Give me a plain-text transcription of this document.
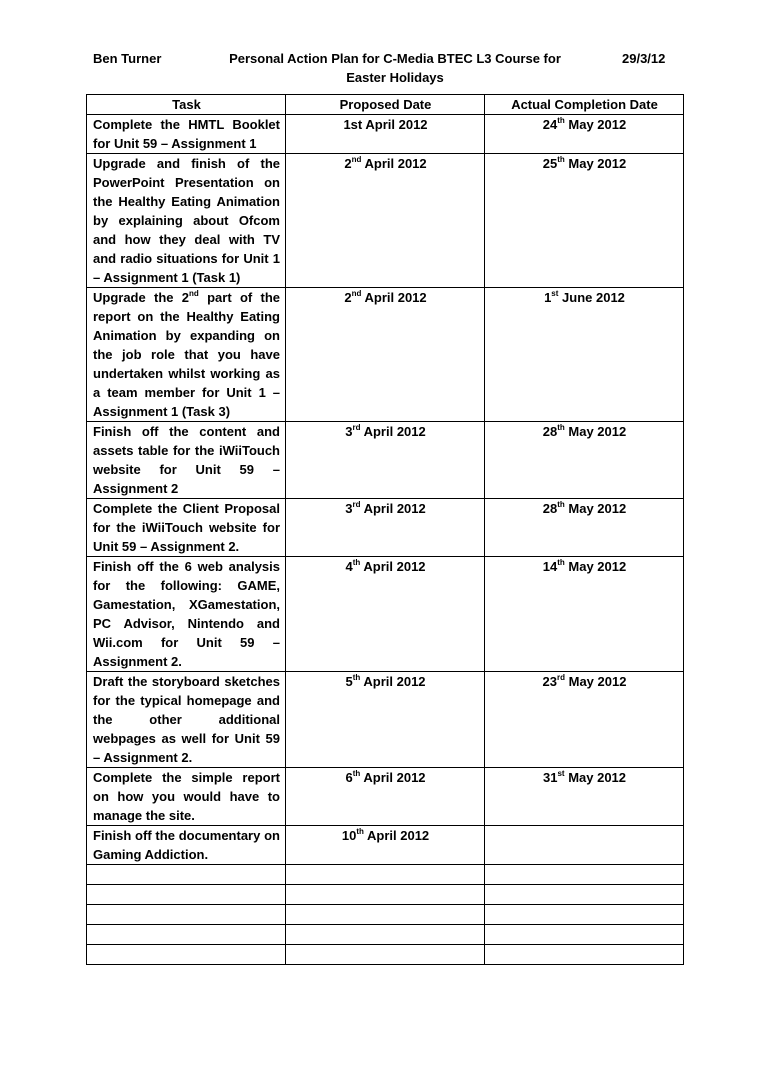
Ben Turner	Personal Action Plan for C-Media BTEC L3 Course for Easter Holidays
29/3/12
Task	Proposed Date	Actual Completion Date
Complete the HMTL Booklet for Unit 59 – Assignment 1	1st April 2012	24th May 2012
Upgrade and finish of the PowerPoint Presentation on the Healthy Eating Animation by explaining about Ofcom and how they deal with TV and radio situations for Unit 1 – Assignment 1 (Task 1)	2nd April 2012	25th May 2012
Upgrade the 2nd part of the report on the Healthy Eating Animation by expanding on the job role that you have undertaken whilst working as a team member for Unit 1 – Assignment 1 (Task 3)	2nd April 2012	1st June 2012
Finish off the content and assets table for the iWiiTouch website for Unit 59 – Assignment 2	3rd April 2012	28th May 2012
Complete the Client Proposal for the iWiiTouch website for Unit 59 – Assignment 2.	3rd April 2012	28th May 2012
Finish off the 6 web analysis for the following: GAME, Gamestation, XGamestation, PC Advisor, Nintendo and Wii.com for Unit 59 – Assignment 2.	4th April 2012	14th May 2012
Draft the storyboard sketches for the typical homepage and the other additional webpages as well for Unit 59 – Assignment 2.	5th April 2012	23rd May 2012
Complete the simple report on how you would have to manage the site.	6th April 2012	31st May 2012
Finish off the documentary on Gaming Addiction.	10th April 2012	
